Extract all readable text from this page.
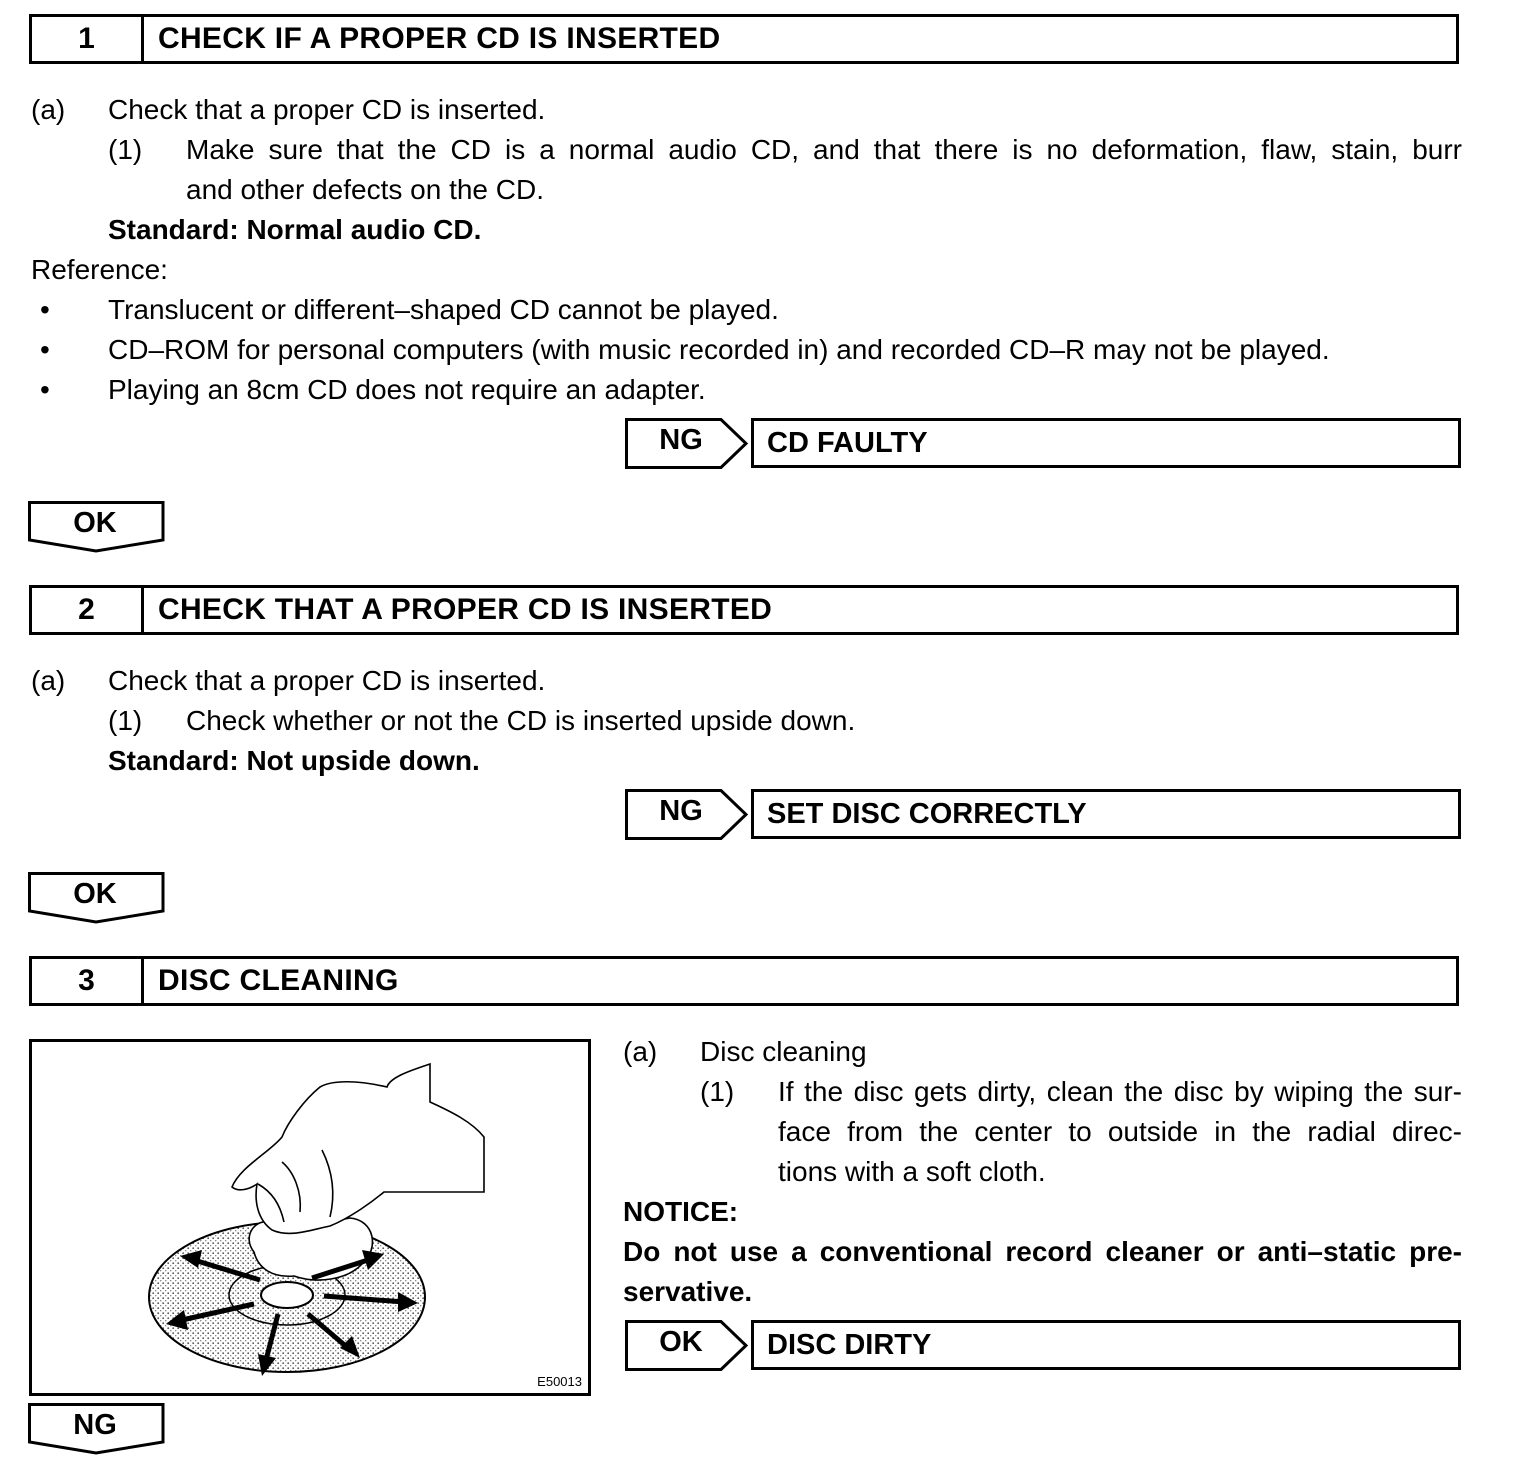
1	CHECK IF A PROPER CD IS INSERTED
(a) Check that a proper CD is inserted.
(1) Make sure that the CD is a normal audio CD, and that there is no deformation, flaw, stain, burr
and other defects on the CD.
Standard: Normal audio CD.
Reference:
• Translucent or different–shaped CD cannot be played.
• CD–ROM for personal computers (with music recorded in) and recorded CD–R may not be played.
• Playing an 8cm CD does not require an adapter.
NG	CD FAULTY
OK
2	CHECK THAT A PROPER CD IS INSERTED
(a) Check that a proper CD is inserted.
(1) Check whether or not the CD is inserted upside down.
Standard: Not upside down.
NG	SET DISC CORRECTLY
OK
3	DISC CLEANING
E50013
(a) Disc cleaning
(1) If the disc gets dirty, clean the disc by wiping the sur-
face from the center to outside in the radial direc-
tions with a soft cloth.
NOTICE:
Do not use a conventional record cleaner or anti–static pre-
servative.
OK	DISC DIRTY
NG
